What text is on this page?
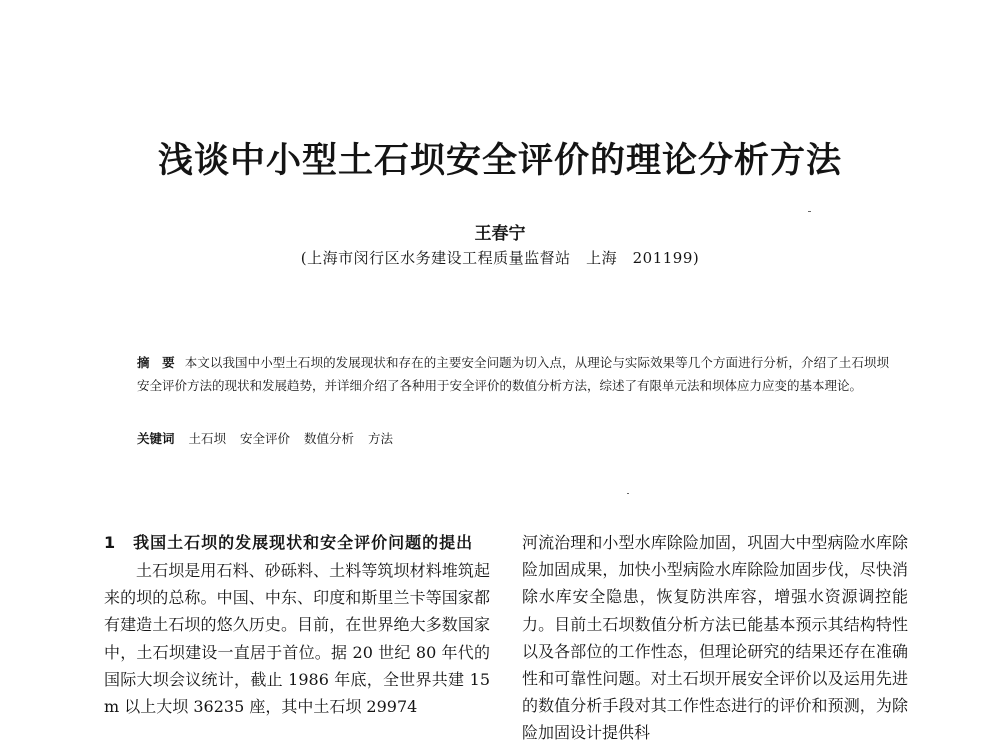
浅谈中小型土石坝安全评价的理论分析方法
王春宁
(上海市闵行区水务建设工程质量监督站　上海　201199)
摘　要 本文以我国中小型土石坝的发展现状和存在的主要安全问题为切入点，从理论与实际效果等几个方面进行分析，介绍了土石坝坝安全评价方法的现状和发展趋势，并详细介绍了各种用于安全评价的数值分析方法，综述了有限单元法和坝体应力应变的基本理论。
关键词 土石坝 安全评价 数值分析 方法
1　我国土石坝的发展现状和安全评价问题的提出

土石坝是用石料、砂砾料、土料等筑坝材料堆筑起来的坝的总称。中国、中东、印度和斯里兰卡等国家都有建造土石坝的悠久历史。目前，在世界绝大多数国家中，土石坝建设一直居于首位。据 20 世纪 80 年代的国际大坝会议统计，截止 1986 年底，全世界共建 15 m 以上大坝 36235 座，其中土石坝 29974

河流治理和小型水库除险加固，巩固大中型病险水库除险加固成果，加快小型病险水库除险加固步伐，尽快消除水库安全隐患，恢复防洪库容，增强水资源调控能力。目前土石坝数值分析方法已能基本预示其结构特性以及各部位的工作性态，但理论研究的结果还存在准确性和可靠性问题。对土石坝开展安全评价以及运用先进的数值分析手段对其工作性态进行的评价和预测，为除险加固设计提供科
